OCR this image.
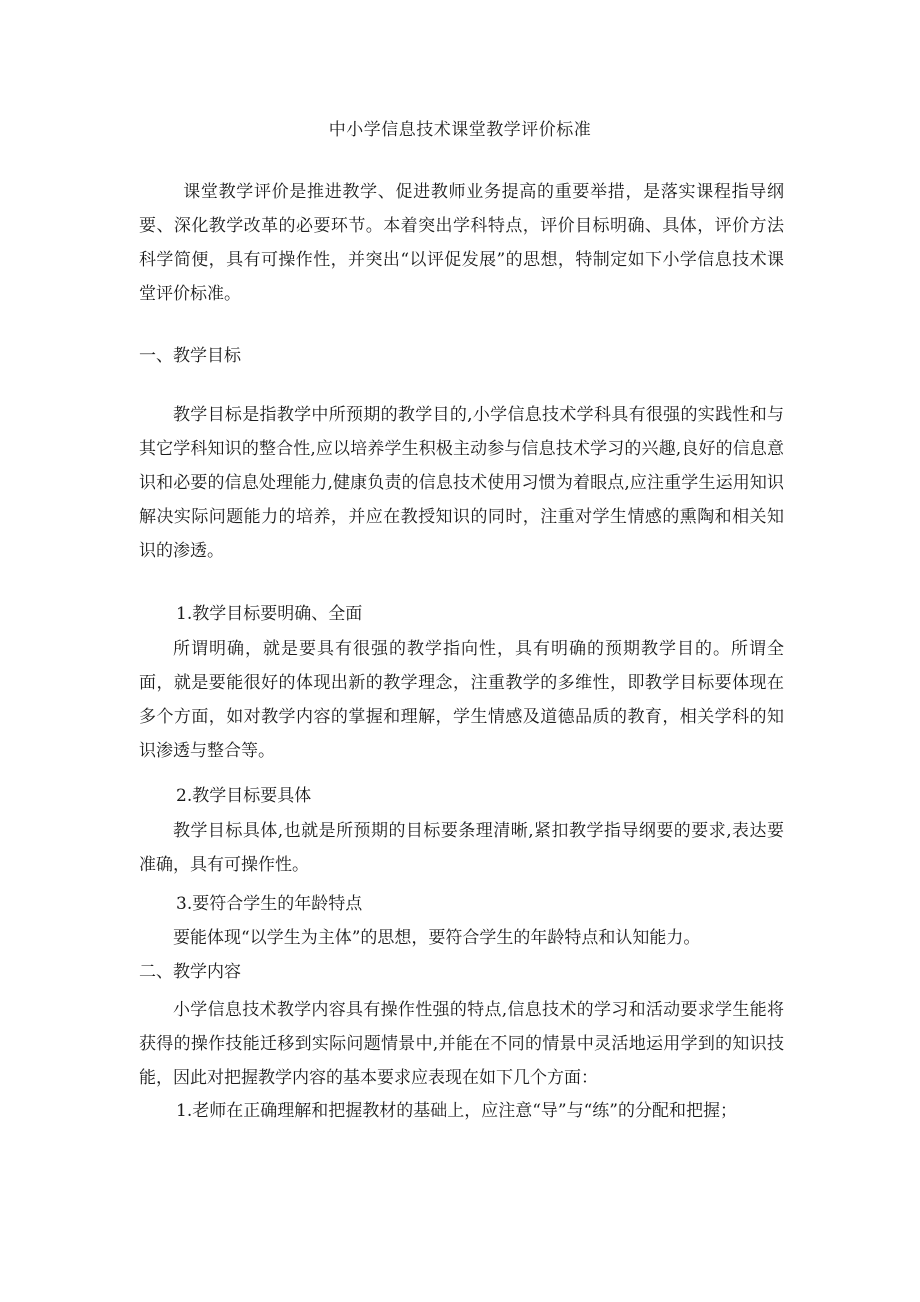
中小学信息技术课堂教学评价标准

课堂教学评价是推进教学、促进教师业务提高的重要举措，是落实课程指导纲要、深化教学改革的必要环节。本着突出学科特点，评价目标明确、具体，评价方法科学简便，具有可操作性，并突出“以评促发展”的思想，特制定如下小学信息技术课堂评价标准。

一、教学目标

教学目标是指教学中所预期的教学目的,小学信息技术学科具有很强的实践性和与其它学科知识的整合性,应以培养学生积极主动参与信息技术学习的兴趣,良好的信息意识和必要的信息处理能力,健康负责的信息技术使用习惯为着眼点,应注重学生运用知识解决实际问题能力的培养，并应在教授知识的同时，注重对学生情感的熏陶和相关知识的渗透。

1.教学目标要明确、全面

所谓明确，就是要具有很强的教学指向性，具有明确的预期教学目的。所谓全面，就是要能很好的体现出新的教学理念，注重教学的多维性，即教学目标要体现在多个方面，如对教学内容的掌握和理解，学生情感及道德品质的教育，相关学科的知识渗透与整合等。

2.教学目标要具体

教学目标具体,也就是所预期的目标要条理清晰,紧扣教学指导纲要的要求,表达要准确，具有可操作性。

3.要符合学生的年龄特点

要能体现“以学生为主体”的思想，要符合学生的年龄特点和认知能力。

二、教学内容

小学信息技术教学内容具有操作性强的特点,信息技术的学习和活动要求学生能将获得的操作技能迁移到实际问题情景中,并能在不同的情景中灵活地运用学到的知识技能，因此对把握教学内容的基本要求应表现在如下几个方面：

1.老师在正确理解和把握教材的基础上，应注意“导”与“练”的分配和把握；
